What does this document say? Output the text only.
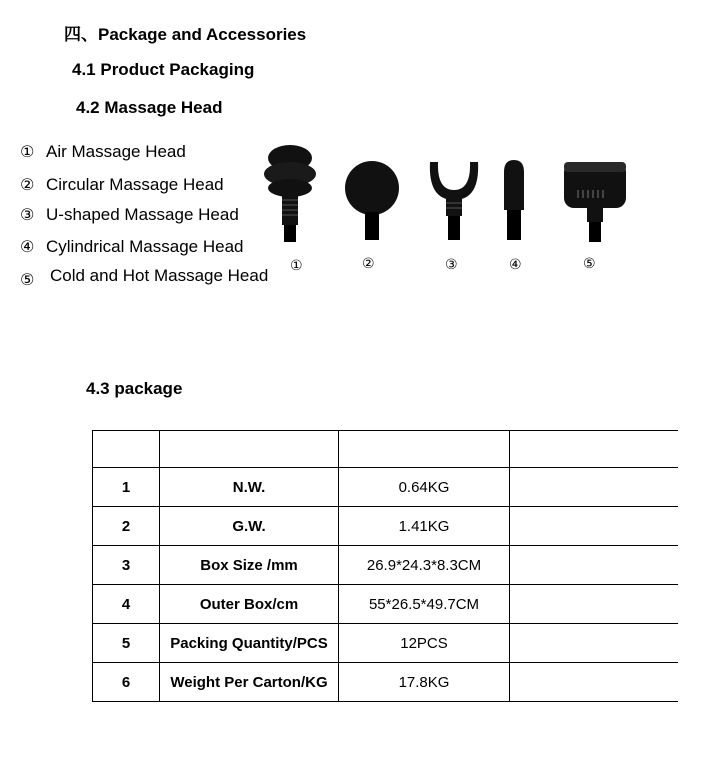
四、Package and Accessories
4.1 Product Packaging
4.2 Massage Head
① Air Massage Head
② Circular Massage Head
③ U-shaped Massage Head
④ Cylindrical Massage Head
⑤ Cold and Hot Massage Head ①	②	③	④	⑤
4.3 package

1	N.W.	0.64KG	
2	G.W.	1.41KG	
3	Box Size /mm	26.9*24.3*8.3CM	
4	Outer Box/cm	55*26.5*49.7CM	
5	Packing Quantity/PCS	12PCS	
6	Weight Per Carton/KG	17.8KG	
